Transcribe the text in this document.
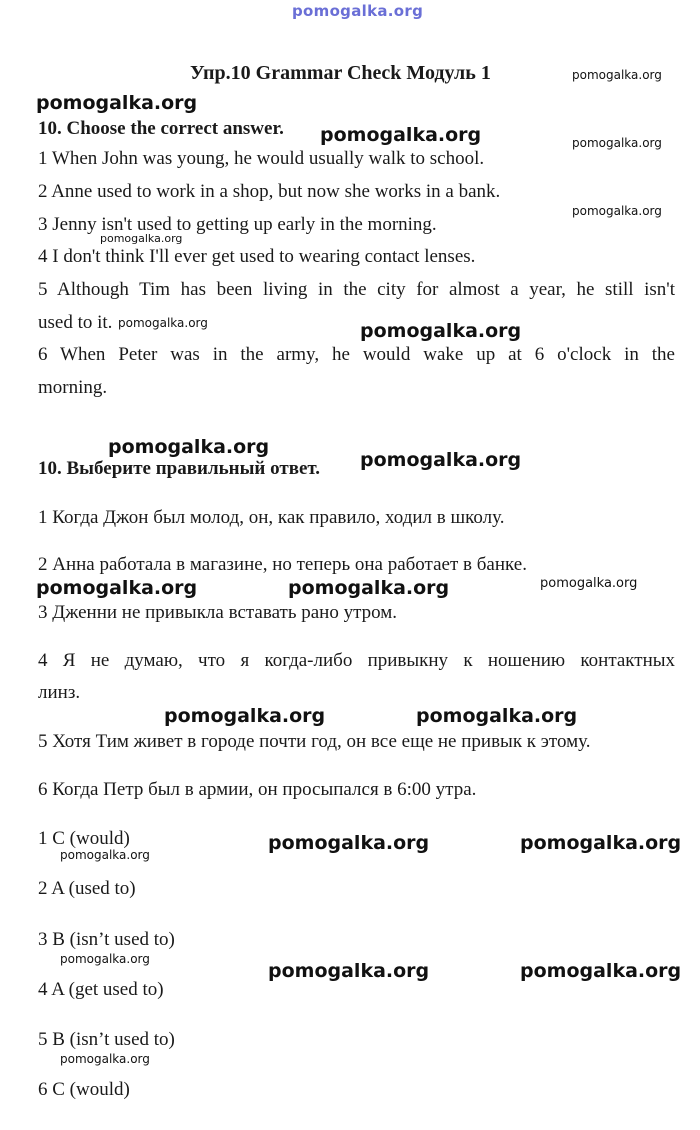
pomogalka.org
Упр.10 Grammar Check Модуль 1
10. Choose the correct answer.
1 When John was young, he would usually walk to school.
2 Anne used to work in a shop, but now she works in a bank.
3 Jenny isn't used to getting up early in the morning.
4 I don't think I'll ever get used to wearing contact lenses.
5 Although Tim has been living in the city for almost a year, he still isn't
used to it.
6 When Peter was in the army, he would wake up at 6 o'clock in the
morning.
10. Выберите правильный ответ.
1 Когда Джон был молод, он, как правило, ходил в школу.
2 Анна работала в магазине, но теперь она работает в банке.
3 Дженни не привыкла вставать рано утром.
4 Я не думаю, что я когда-либо привыкну к ношению контактных
линз.
5 Хотя Тим живет в городе почти год, он все еще не привык к этому.
6 Когда Петр был в армии, он просыпался в 6:00 утра.
1 C (would)
2 A (used to)
3 B (isn’t used to)
4 A (get used to)
5 B (isn’t used to)
6 C (would)
pomogalka.org
pomogalka.org
pomogalka.org	pomogalka.org
pomogalka.org
pomogalka.org
pomogalka.org	pomogalka.org
pomogalka.org
pomogalka.org
pomogalka.org	pomogalka.org	pomogalka.org
pomogalka.org	pomogalka.org
pomogalka.org	pomogalka.org
pomogalka.org
pomogalka.org
pomogalka.org	pomogalka.org
pomogalka.org
